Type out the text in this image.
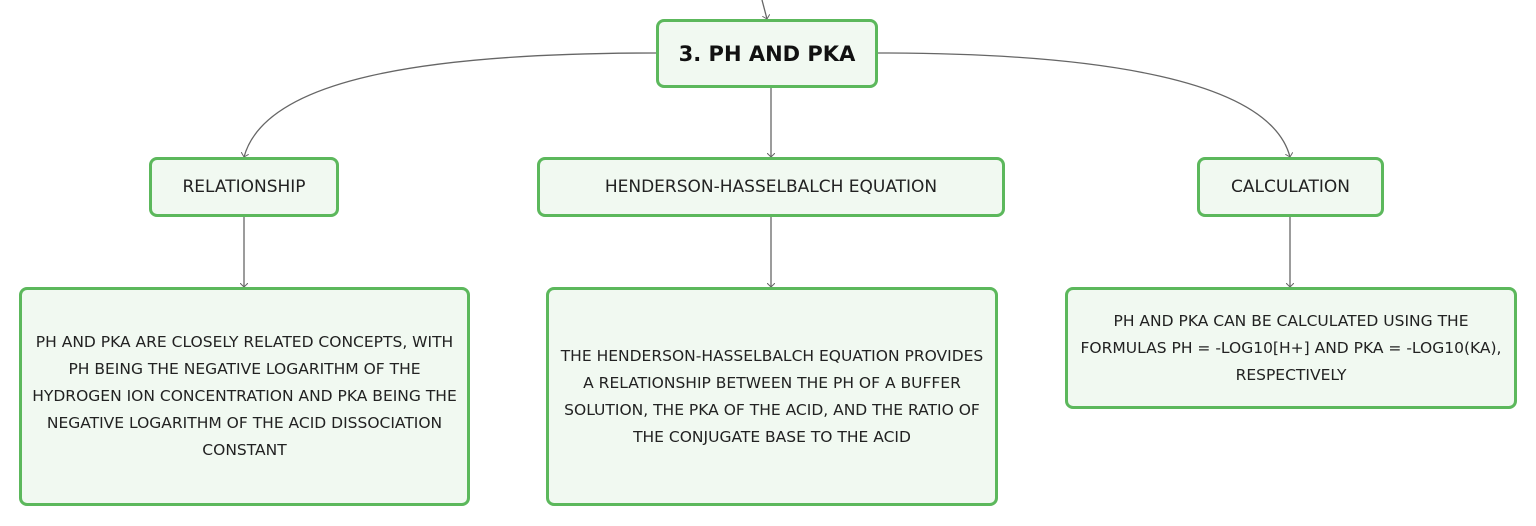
3. PH AND PKA
RELATIONSHIP	HENDERSON-HASSELBALCH EQUATION	CALCULATION
PH AND PKA ARE CLOSELY RELATED CONCEPTS, WITH PH BEING THE NEGATIVE LOGARITHM OF THE HYDROGEN ION CONCENTRATION AND PKA BEING THE NEGATIVE LOGARITHM OF THE ACID DISSOCIATION CONSTANT
THE HENDERSON-HASSELBALCH EQUATION PROVIDES A RELATIONSHIP BETWEEN THE PH OF A BUFFER SOLUTION, THE PKA OF THE ACID, AND THE RATIO OF THE CONJUGATE BASE TO THE ACID
PH AND PKA CAN BE CALCULATED USING THE FORMULAS PH = -LOG10[H+] AND PKA = -LOG10(KA), RESPECTIVELY
